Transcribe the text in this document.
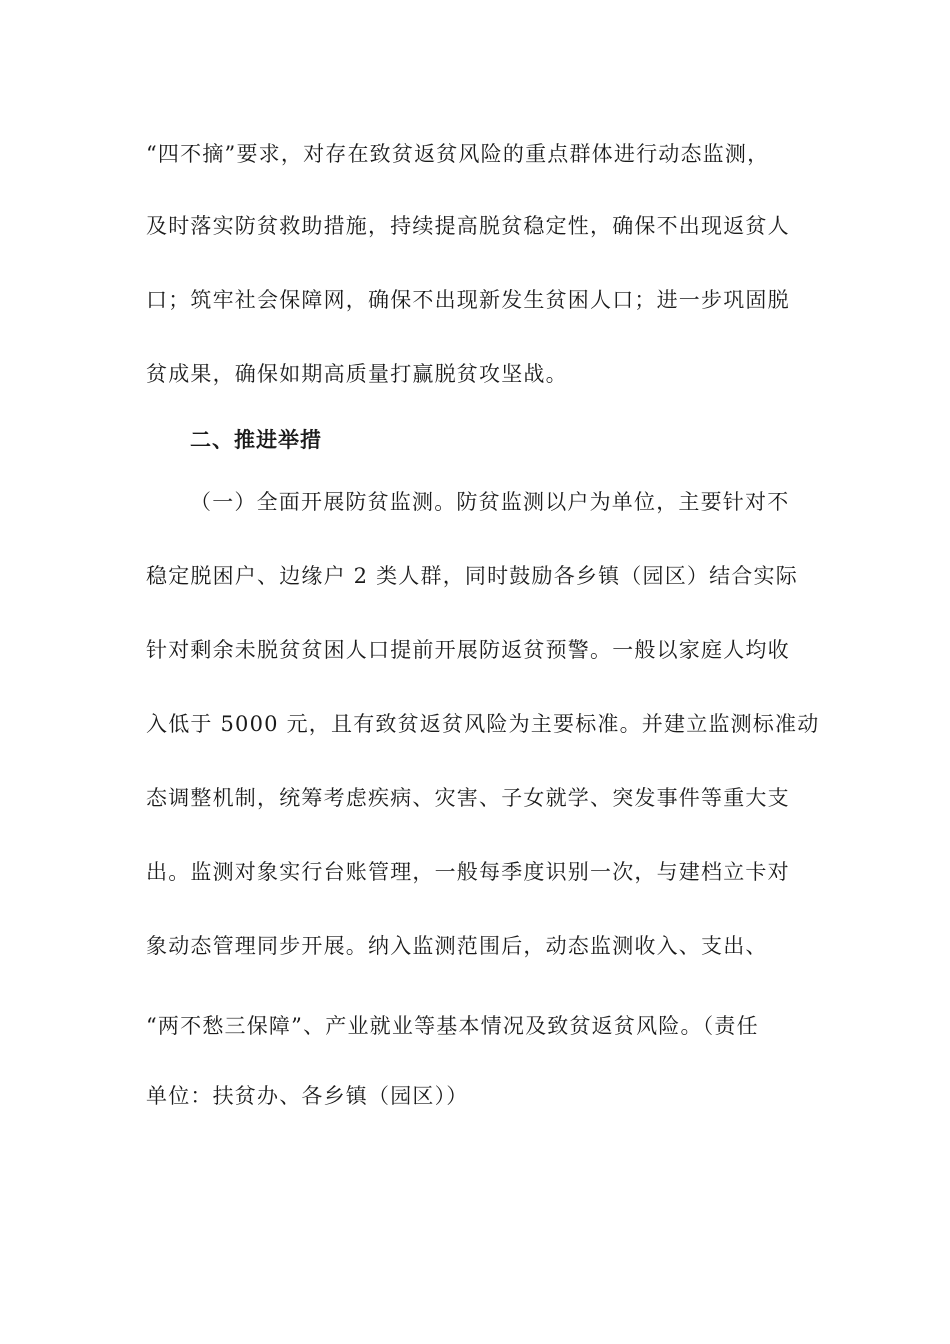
“四不摘”要求，对存在致贫返贫风险的重点群体进行动态监测，
及时落实防贫救助措施，持续提高脱贫稳定性，确保不出现返贫人
口；筑牢社会保障网，确保不出现新发生贫困人口；进一步巩固脱
贫成果，确保如期高质量打赢脱贫攻坚战。
二、推进举措
（一）全面开展防贫监测。防贫监测以户为单位，主要针对不
稳定脱困户、边缘户 2 类人群，同时鼓励各乡镇（园区）结合实际
针对剩余未脱贫贫困人口提前开展防返贫预警。一般以家庭人均收
入低于 5000 元，且有致贫返贫风险为主要标准。并建立监测标准动
态调整机制，统筹考虑疾病、灾害、子女就学、突发事件等重大支
出。监测对象实行台账管理，一般每季度识别一次，与建档立卡对
象动态管理同步开展。纳入监测范围后，动态监测收入、支出、
“两不愁三保障”、产业就业等基本情况及致贫返贫风险。（责任
单位：扶贫办、各乡镇（园区））
